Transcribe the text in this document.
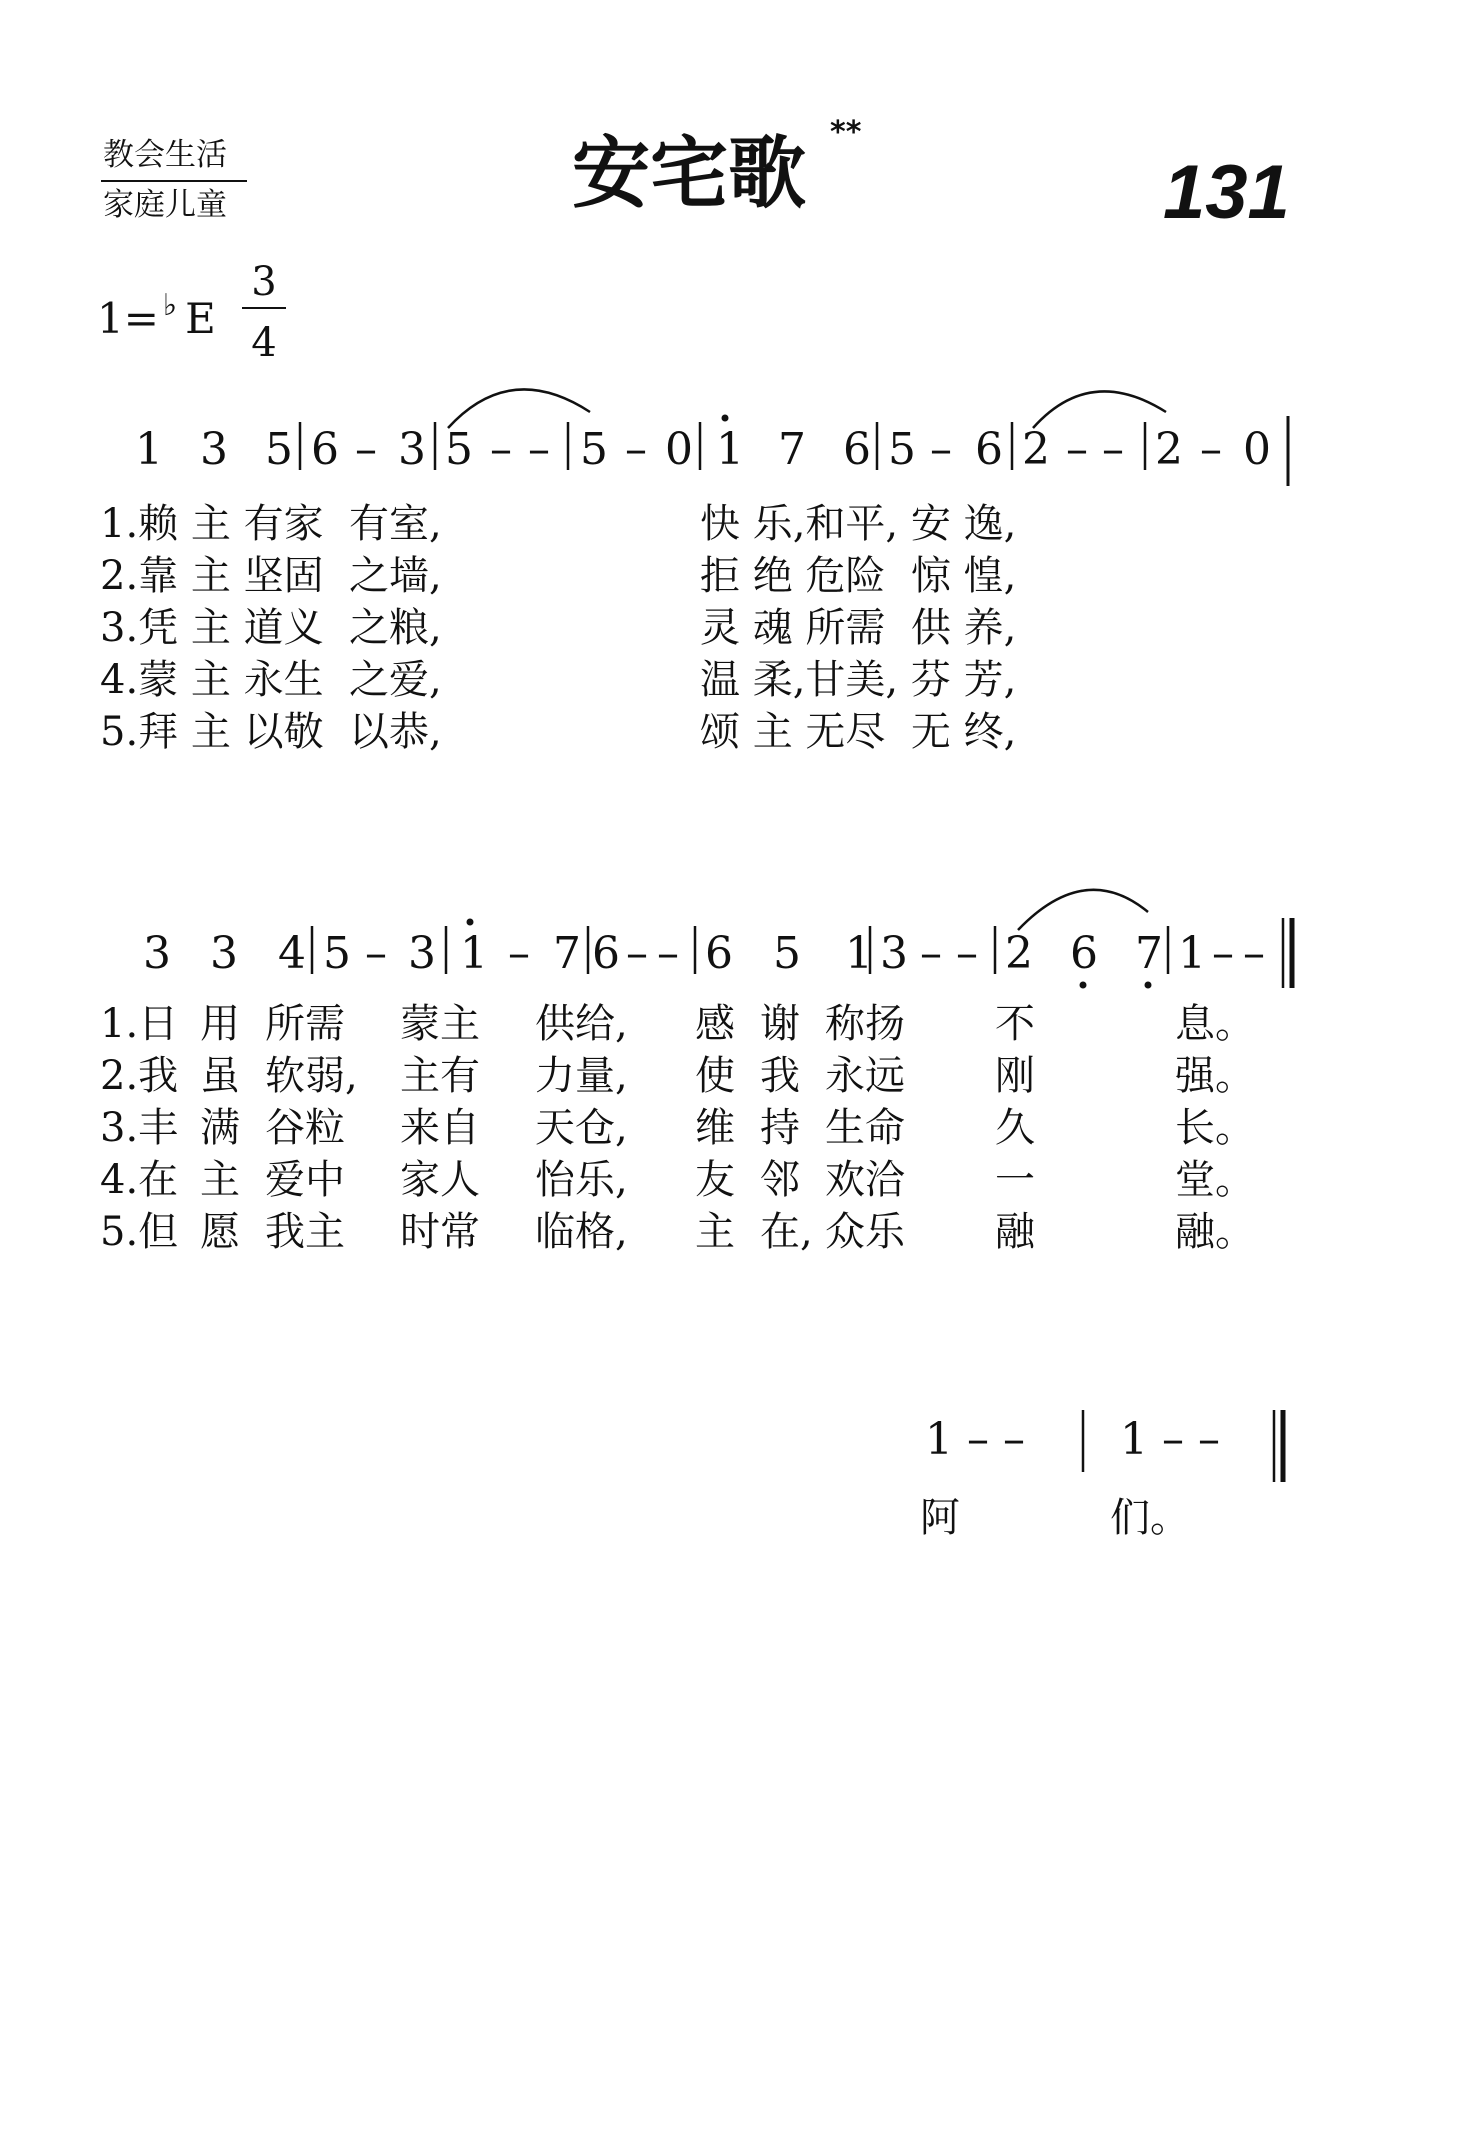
教会生活
家庭儿童	安宅歌 **
131
1= ♭ E
3
4
1 3 5 6 – 3 5 – – 5 – 0 1 7 6 5 – 6 2 – – 2 – 0
1.赖 主 有家  有室,
2.靠 主 坚固  之墙,
3.凭 主 道义  之粮,
4.蒙 主 永生  之爱,
5.拜 主 以敬  以恭,
快 乐,和平, 安 逸,
拒 绝 危险  惊 惶,
灵 魂 所需  供 养,
温 柔,甘美, 芬 芳,
颂 主 无尽  无 终,
3 3 4 5 – 3 1 – 7 6 – – 6 5 1 3 – – 2 6 7 1 – –
1.日 用 所需 蒙主 供给, 感 谢 称扬 不	息。
2.我 虽 软弱, 主有 力量, 使 我 永远 刚	强。
3.丰 满 谷粒 来自 天仓, 维 持 生命 久	长。
4.在 主 爱中 家人 怡乐, 友 邻 欢洽 一	堂。
5.但 愿 我主 时常 临格, 主 在, 众乐 融	融。
1 – – 1 – –
阿	们。
